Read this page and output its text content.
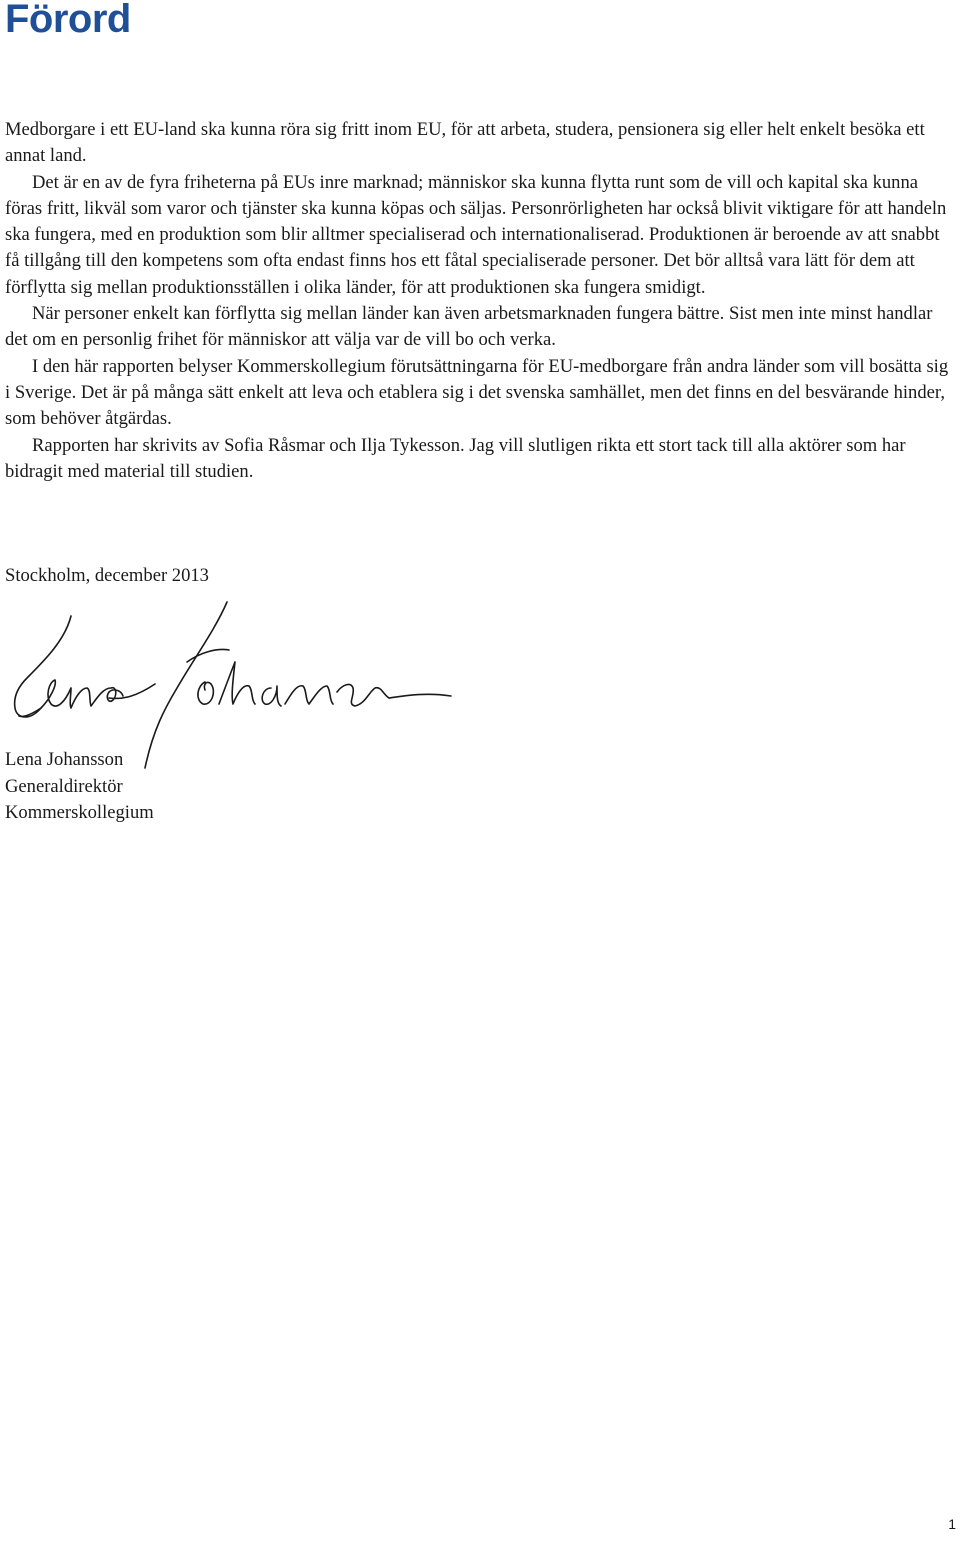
Förord

Medborgare i ett EU-land ska kunna röra sig fritt inom EU, för att arbeta, studera, pensionera sig eller helt enkelt besöka ett annat land.

Det är en av de fyra friheterna på EUs inre marknad; människor ska kunna flytta runt som de vill och kapital ska kunna föras fritt, likväl som varor och tjänster ska kunna köpas och säljas. Personrörligheten har också blivit viktigare för att handeln ska fungera, med en produktion som blir alltmer specialiserad och internationaliserad. Produktionen är beroende av att snabbt få tillgång till den kompetens som ofta endast finns hos ett fåtal specialiserade personer. Det bör alltså vara lätt för dem att förflytta sig mellan produktionsställen i olika länder, för att produktionen ska fungera smidigt.

När personer enkelt kan förflytta sig mellan länder kan även arbetsmarknaden fungera bättre. Sist men inte minst handlar det om en personlig frihet för människor att välja var de vill bo och verka.

I den här rapporten belyser Kommerskollegium förutsättningarna för EU-medborgare från andra länder som vill bosätta sig i Sverige. Det är på många sätt enkelt att leva och etablera sig i det svenska samhället, men det finns en del besvärande hinder, som behöver åtgärdas.

Rapporten har skrivits av Sofia Råsmar och Ilja Tykesson. Jag vill slutligen rikta ett stort tack till alla aktörer som har bidragit med material till studien.

Stockholm, december 2013

Lena Johansson
Generaldirektör
Kommerskollegium
1
